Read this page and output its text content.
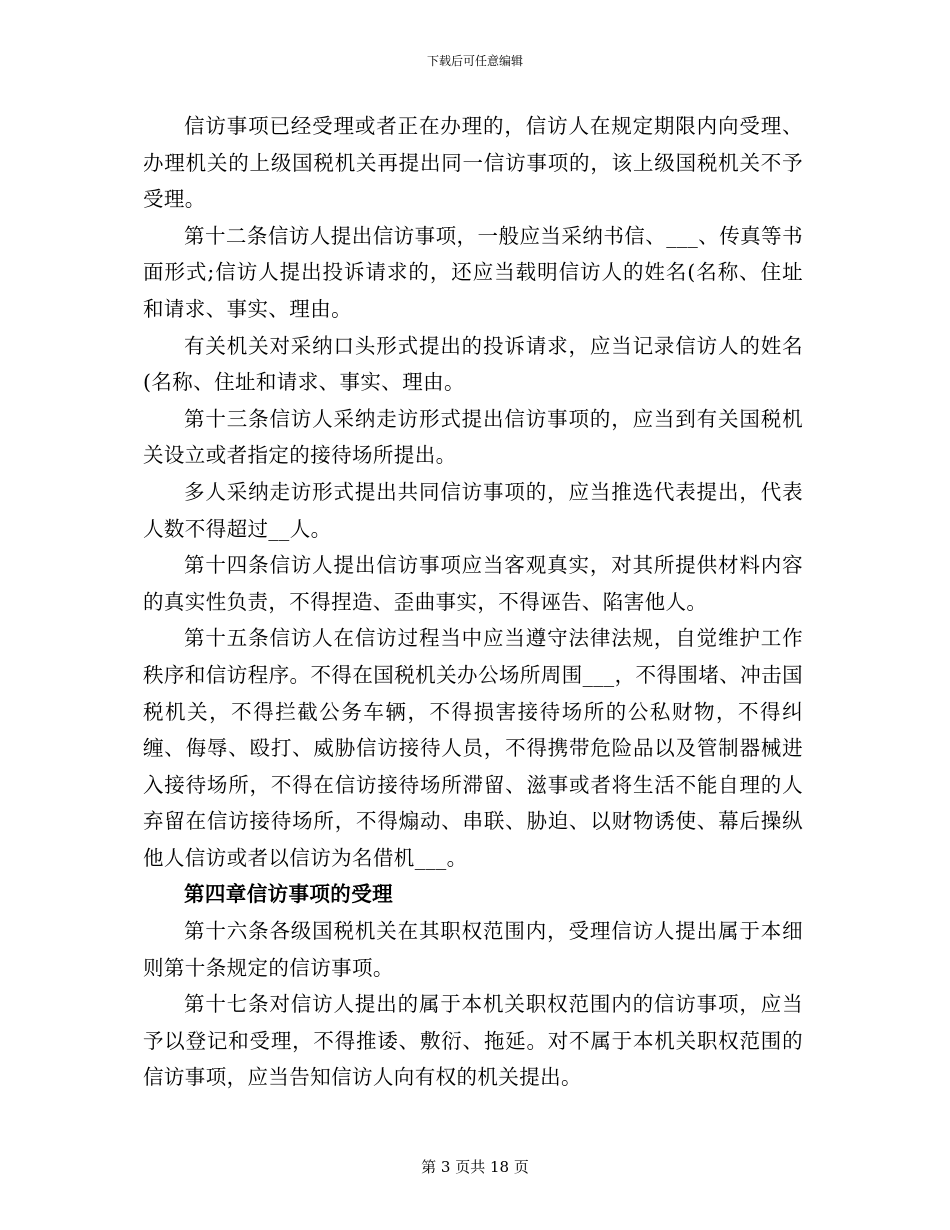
下载后可任意编辑

信访事项已经受理或者正在办理的，信访人在规定期限内向受理、办理机关的上级国税机关再提出同一信访事项的，该上级国税机关不予受理。

第十二条信访人提出信访事项，一般应当采纳书信、___、传真等书面形式;信访人提出投诉请求的，还应当载明信访人的姓名(名称、住址和请求、事实、理由。

有关机关对采纳口头形式提出的投诉请求，应当记录信访人的姓名(名称、住址和请求、事实、理由。

第十三条信访人采纳走访形式提出信访事项的，应当到有关国税机关设立或者指定的接待场所提出。

多人采纳走访形式提出共同信访事项的，应当推选代表提出，代表人数不得超过__人。

第十四条信访人提出信访事项应当客观真实，对其所提供材料内容的真实性负责，不得捏造、歪曲事实，不得诬告、陷害他人。

第十五条信访人在信访过程当中应当遵守法律法规，自觉维护工作秩序和信访程序。不得在国税机关办公场所周围___，不得围堵、冲击国税机关，不得拦截公务车辆，不得损害接待场所的公私财物，不得纠缠、侮辱、殴打、威胁信访接待人员，不得携带危险品以及管制器械进入接待场所，不得在信访接待场所滞留、滋事或者将生活不能自理的人弃留在信访接待场所，不得煽动、串联、胁迫、以财物诱使、幕后操纵他人信访或者以信访为名借机___。

第四章信访事项的受理

第十六条各级国税机关在其职权范围内，受理信访人提出属于本细则第十条规定的信访事项。

第十七条对信访人提出的属于本机关职权范围内的信访事项，应当予以登记和受理，不得推诿、敷衍、拖延。对不属于本机关职权范围的信访事项，应当告知信访人向有权的机关提出。

第 3 页共 18 页
